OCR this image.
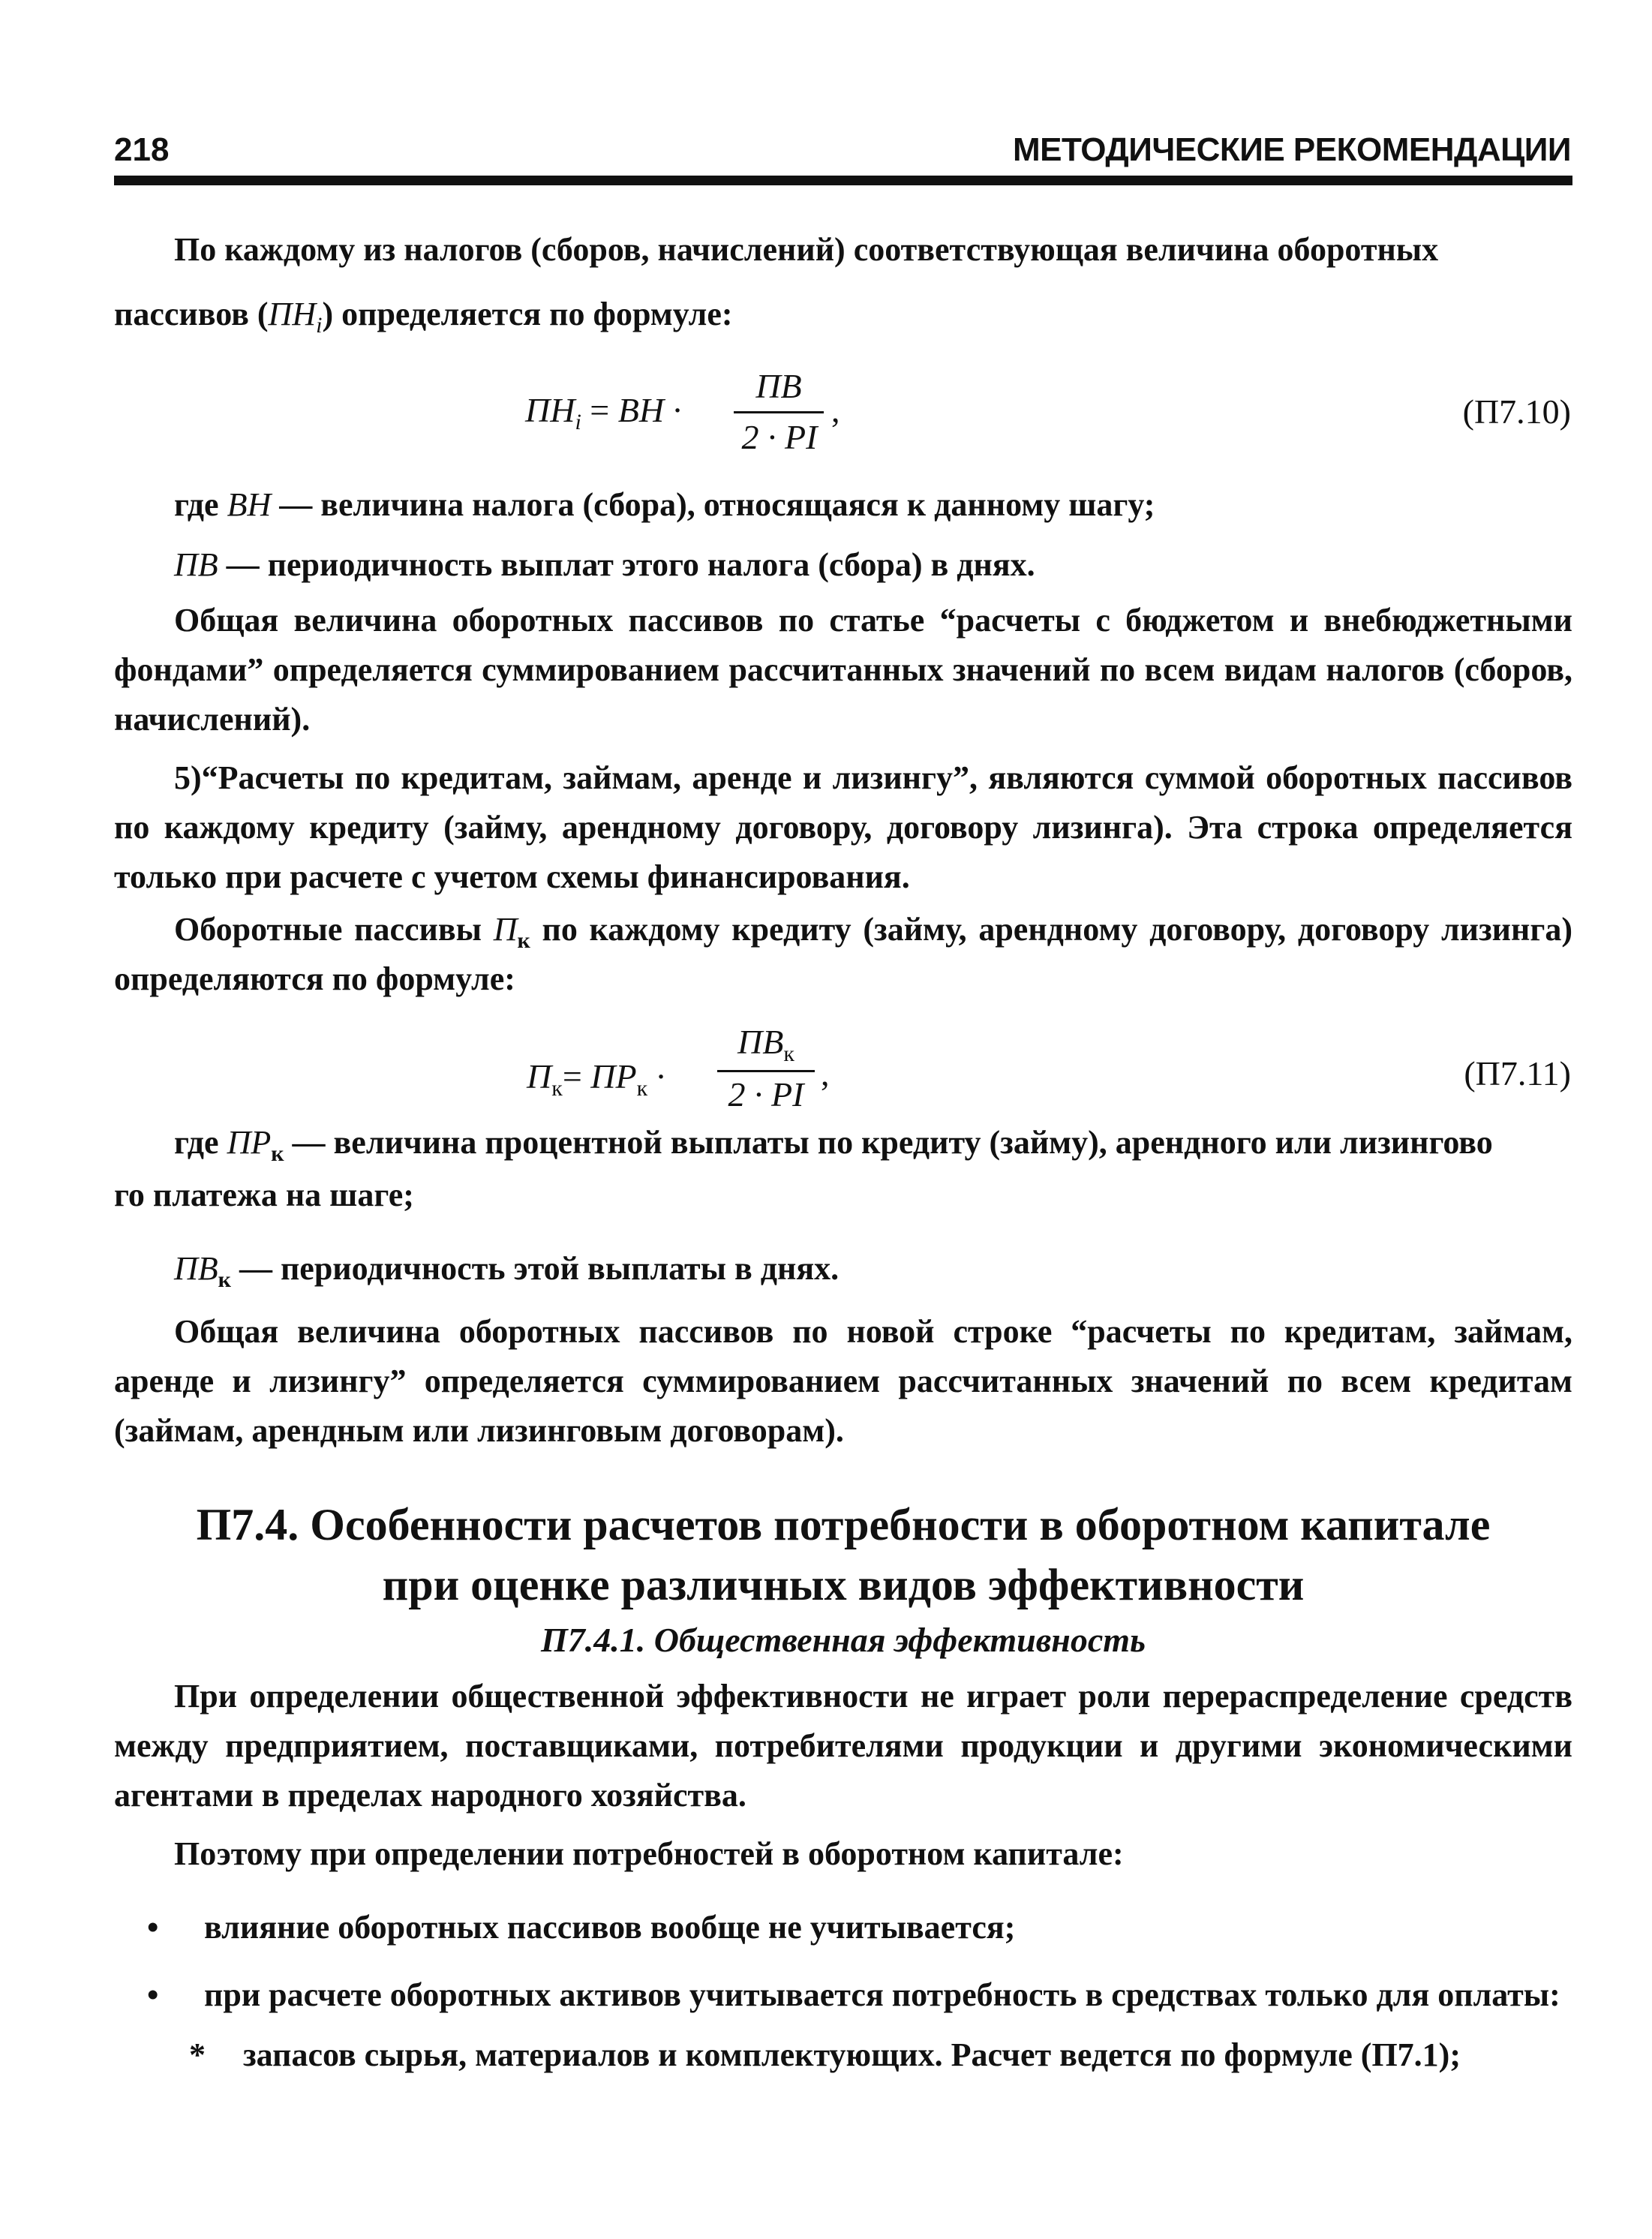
218	МЕТОДИЧЕСКИЕ РЕКОМЕНДАЦИИ
По каждому из налогов (сборов, начислений) соответствующая величина оборотных
пассивов $(ПН_i)$ определяется по формуле:
$ПН_i$ = ВН ·
ПВ
2 · PI
,	(П7.10)
где ВН — величина налога (сбора), относящаяся к данному шагу;
ПВ — периодичность выплат этого налога (сбора) в днях.
Общая величина оборотных пассивов по статье “расчеты с бюджетом и внебюджетными фондами” определяется суммированием рассчитанных значений по всем видам налогов (сборов, начислений).
5)“Расчеты по кредитам, займам, аренде и лизингу”, являются суммой оборотных пассивов по каждому кредиту (займу, арендному договору, договору лизинга). Эта строка определяется только при расчете с учетом схемы финансирования.
Оборотные пассивы $П_к$ по каждому кредиту (займу, арендному договору, договору лизинга) определяются по формуле:
$П_к= ПР_к$ ·
$ПВ_к$
2 · PI
,	(П7.11)
где $ПР_к$ — величина процентной выплаты по кредиту (займу), арендного или лизингово
го платежа на шаге;
$ПВ_к$ — периодичность этой выплаты в днях.
Общая величина оборотных пассивов по новой строке “расчеты по кредитам, займам, аренде и лизингу” определяется суммированием рассчитанных значений по всем кредитам (займам, арендным или лизинговым договорам).
П7.4. Особенности расчетов потребности в оборотном капитале
при оценке различных видов эффективности
П7.4.1. Общественная эффективность
При определении общественной эффективности не играет роли перераспределение средств между предприятием, поставщиками, потребителями продукции и другими экономическими агентами в пределах народного хозяйства.
Поэтому при определении потребностей в оборотном капитале:
• влияние оборотных пассивов вообще не учитывается;
• при расчете оборотных активов учитывается потребность в средствах только для оплаты:
* запасов сырья, материалов и комплектующих. Расчет ведется по формуле (П7.1);
